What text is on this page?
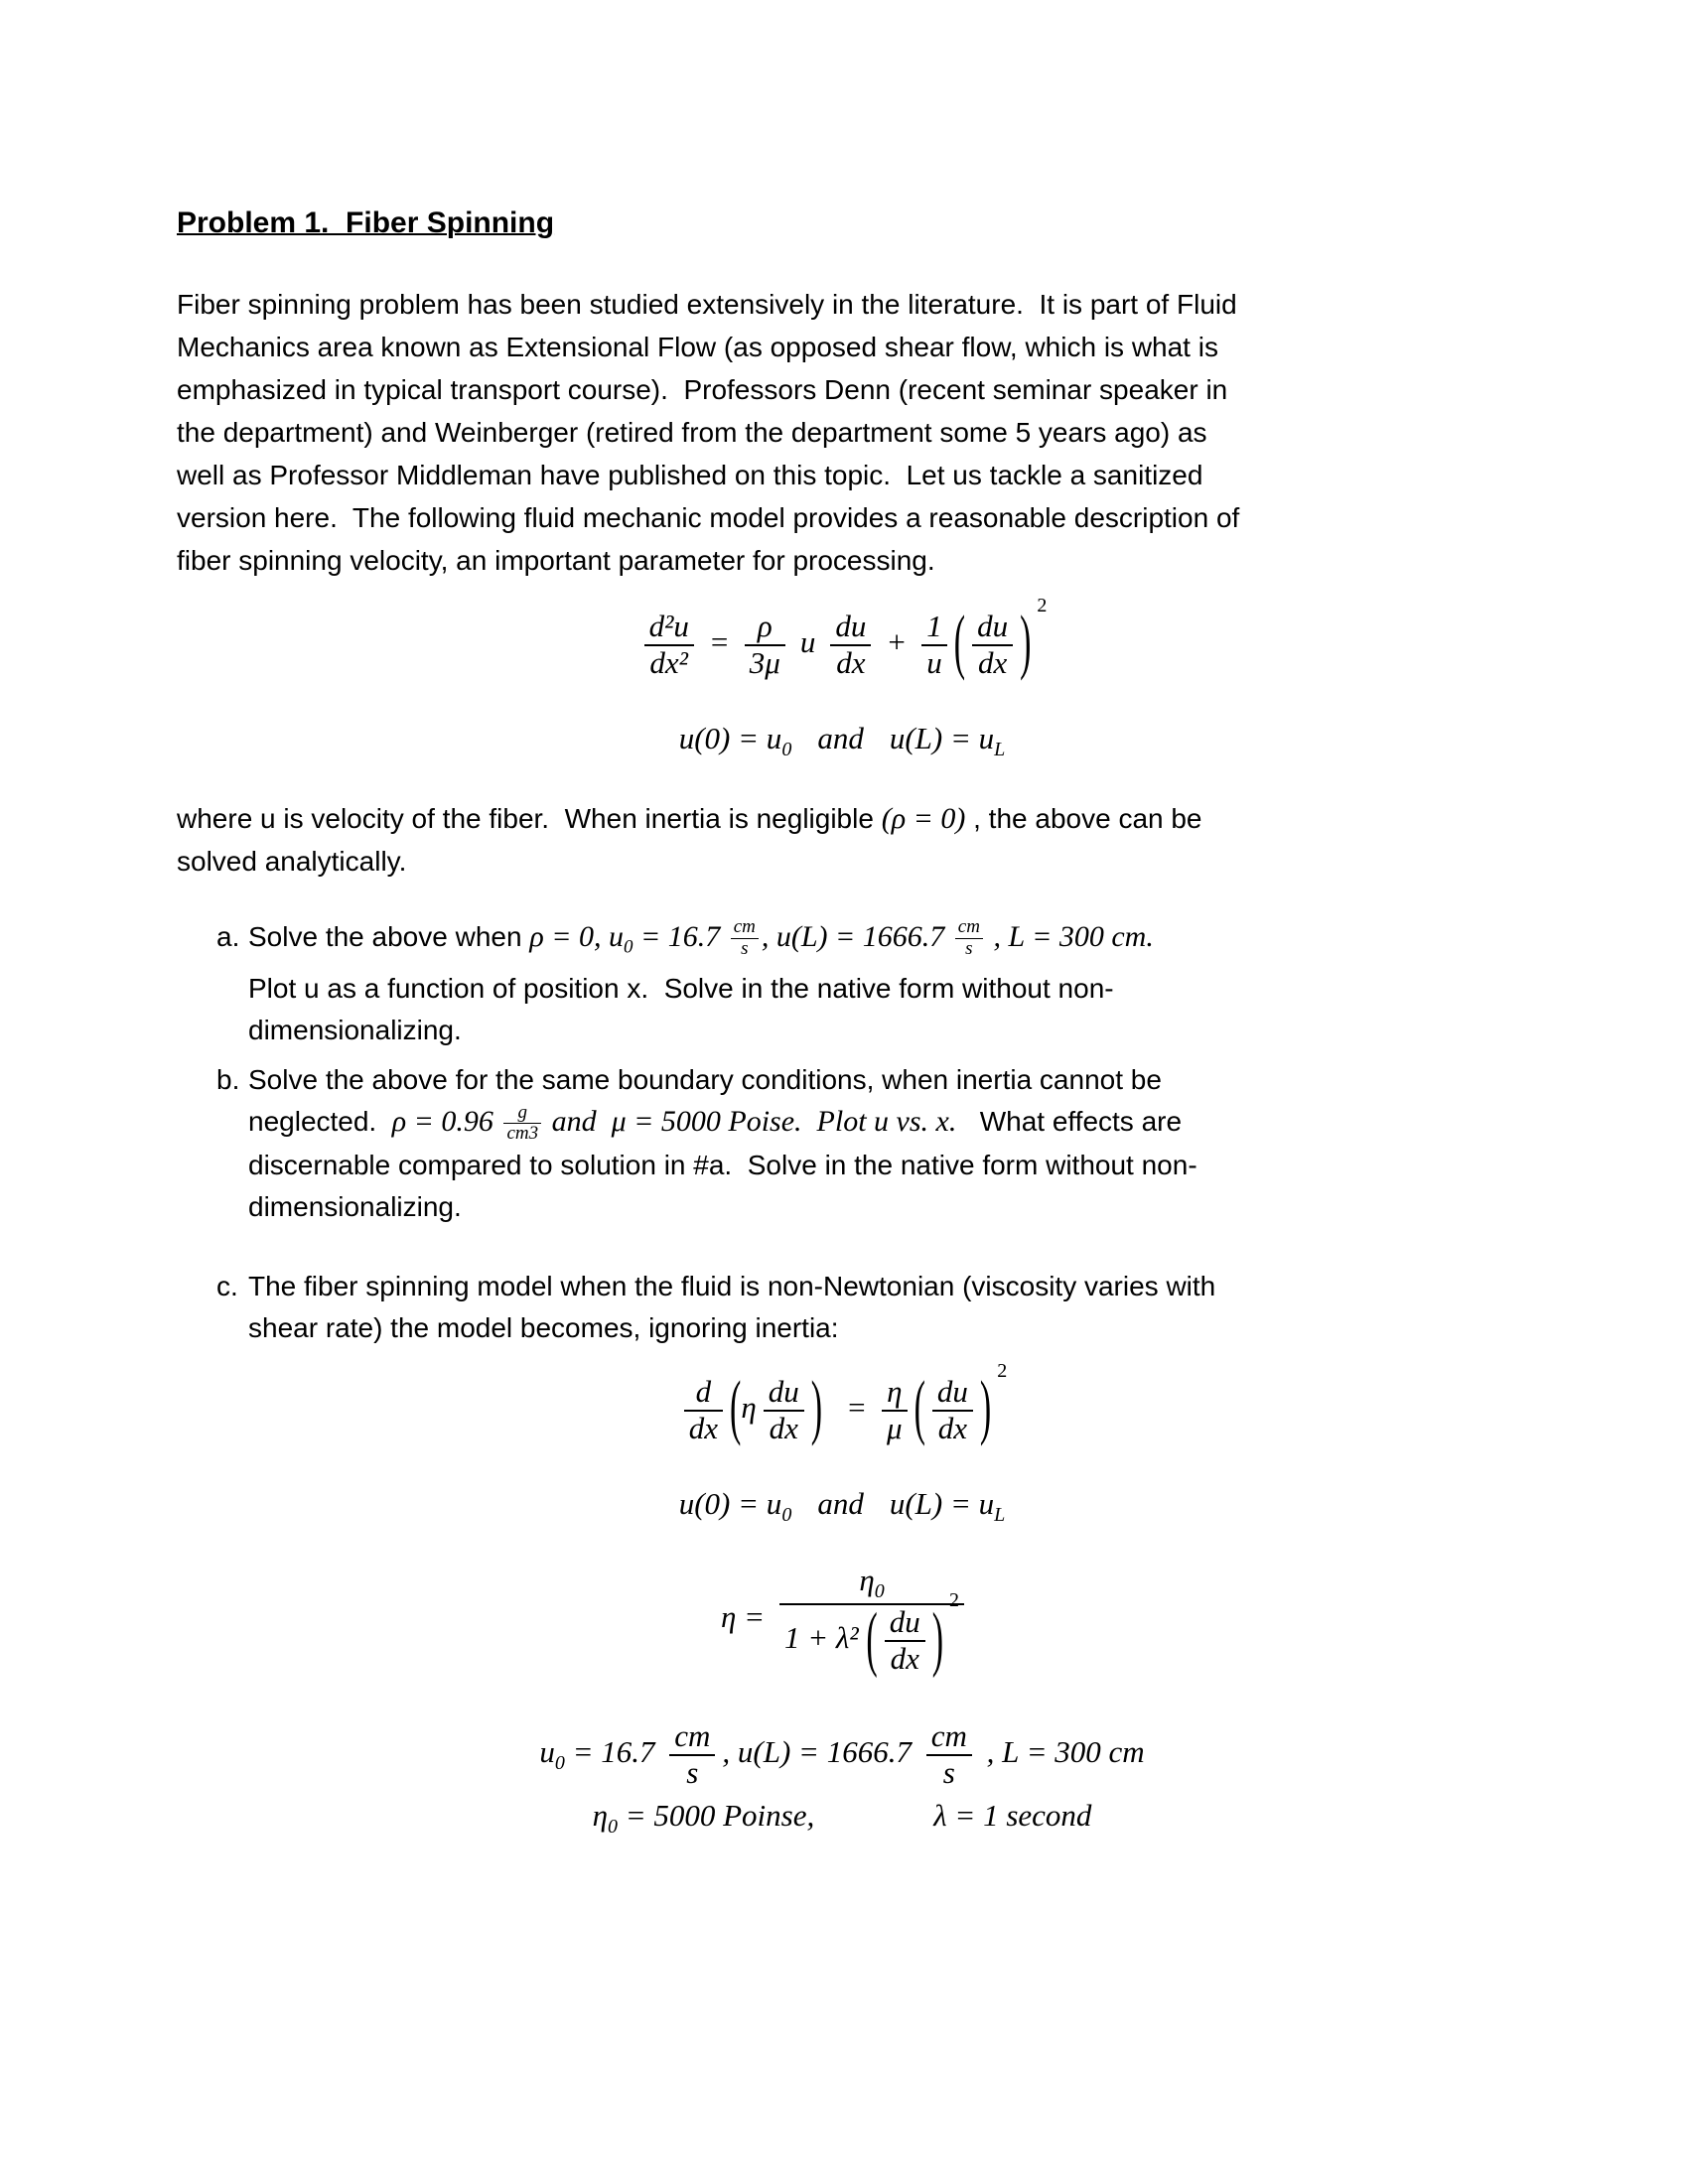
Problem 1.  Fiber Spinning
Fiber spinning problem has been studied extensively in the literature.  It is part of Fluid
Mechanics area known as Extensional Flow (as opposed shear flow, which is what is
emphasized in typical transport course).  Professors Denn (recent seminar speaker in
the department) and Weinberger (retired from the department some 5 years ago) as
well as Professor Middleman have published on this topic.  Let us tackle a sanitized
version here.  The following fluid mechanic model provides a reasonable description of
fiber spinning velocity, an important parameter for processing.
$\frac{\text{d²u}}{\text{dx²}} = \frac{\rho}{3\mu}$ u $\frac{du}{dx} + \frac{1}{u}$ ( $\frac{du}{dx}$ ) 2
$u(0) = u_0$ and $u(L) = u_L$
where u is velocity of the fiber.  When inertia is negligible (ρ = 0) , the above can be
solved analytically.
a. Solve the above when ρ = 0, $u_0 = 16.7 \frac{cm}{s}$ , $u(L) = 1666.7 \frac{cm}{s}$ , L = 300 cm.
Plot u as a function of position x.  Solve in the native form without non-
dimensionalizing.
b. Solve the above for the same boundary conditions, when inertia cannot be
neglected.  $\rho = 0.96 \frac{g}{cm3}$ and  μ = 5000 Poise.  Plot u vs. x.   What effects are
discernable compared to solution in #a.  Solve in the native form without non-
dimensionalizing.
c. The fiber spinning model when the fluid is non-Newtonian (viscosity varies with
shear rate) the model becomes, ignoring inertia:
$\frac{d}{dx} (\eta \frac{du}{dx}$ ) = $\frac{\eta}{\mu}$ ( $\frac{du}{dx}$ ) 2
$u(0) = u_0$ and $u(L) = u_L$
$\eta = \frac{\eta_0}{1 + \lambda^2 ( \frac{du}{dx} ) 2}$
$u_0 = 16.7 \frac{cm}{s}$ , $u(L) = 1666.7 \frac{cm}{s}$ , L = 300 cm
$\eta_0 = 5000$ Poinse,	λ = 1 second
